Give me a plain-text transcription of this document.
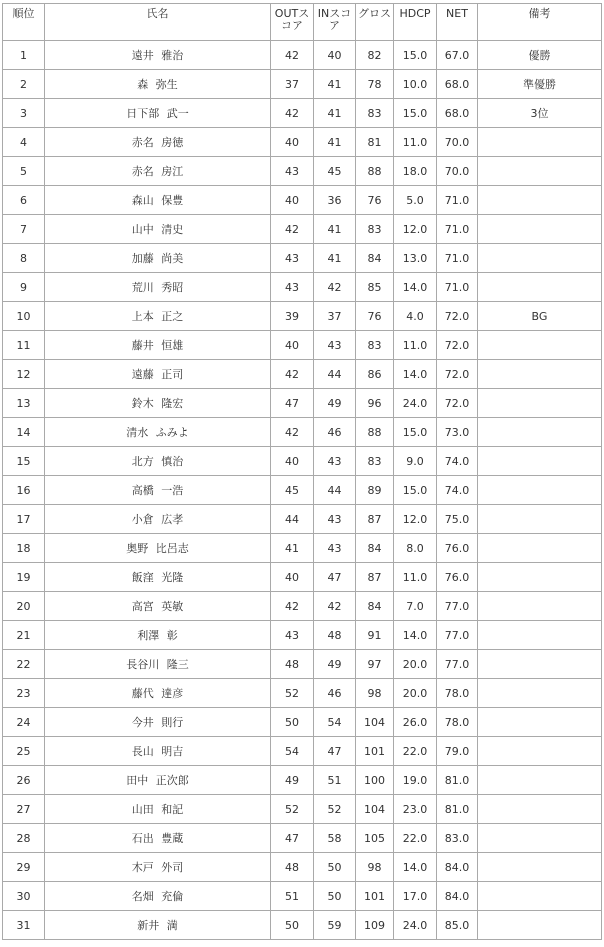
順位	氏名	OUTスコア	INスコア	グロス	HDCP	NET	備考
1	遠井 雅治	42	40	82	15.0	67.0	優勝
2	森 弥生	37	41	78	10.0	68.0	準優勝
3	日下部 武一	42	41	83	15.0	68.0	3位
4	赤名 房徳	40	41	81	11.0	70.0	
5	赤名 房江	43	45	88	18.0	70.0	
6	森山 保豊	40	36	76	5.0	71.0	
7	山中 清史	42	41	83	12.0	71.0	
8	加藤 尚美	43	41	84	13.0	71.0	
9	荒川 秀昭	43	42	85	14.0	71.0	
10	上本 正之	39	37	76	4.0	72.0	BG
11	藤井 恒雄	40	43	83	11.0	72.0	
12	遠藤 正司	42	44	86	14.0	72.0	
13	鈴木 隆宏	47	49	96	24.0	72.0	
14	清水 ふみよ	42	46	88	15.0	73.0	
15	北方 慎治	40	43	83	9.0	74.0	
16	高橋 一浩	45	44	89	15.0	74.0	
17	小倉 広孝	44	43	87	12.0	75.0	
18	奥野 比呂志	41	43	84	8.0	76.0	
19	飯窪 光隆	40	47	87	11.0	76.0	
20	高宮 英敏	42	42	84	7.0	77.0	
21	利澤 彰	43	48	91	14.0	77.0	
22	長谷川 隆三	48	49	97	20.0	77.0	
23	藤代 達彦	52	46	98	20.0	78.0	
24	今井 則行	50	54	104	26.0	78.0	
25	長山 明吉	54	47	101	22.0	79.0	
26	田中 正次郎	49	51	100	19.0	81.0	
27	山田 和記	52	52	104	23.0	81.0	
28	石出 豊蔵	47	58	105	22.0	83.0	
29	木戸 外司	48	50	98	14.0	84.0	
30	名畑 充倫	51	50	101	17.0	84.0	
31	新井 満	50	59	109	24.0	85.0	
